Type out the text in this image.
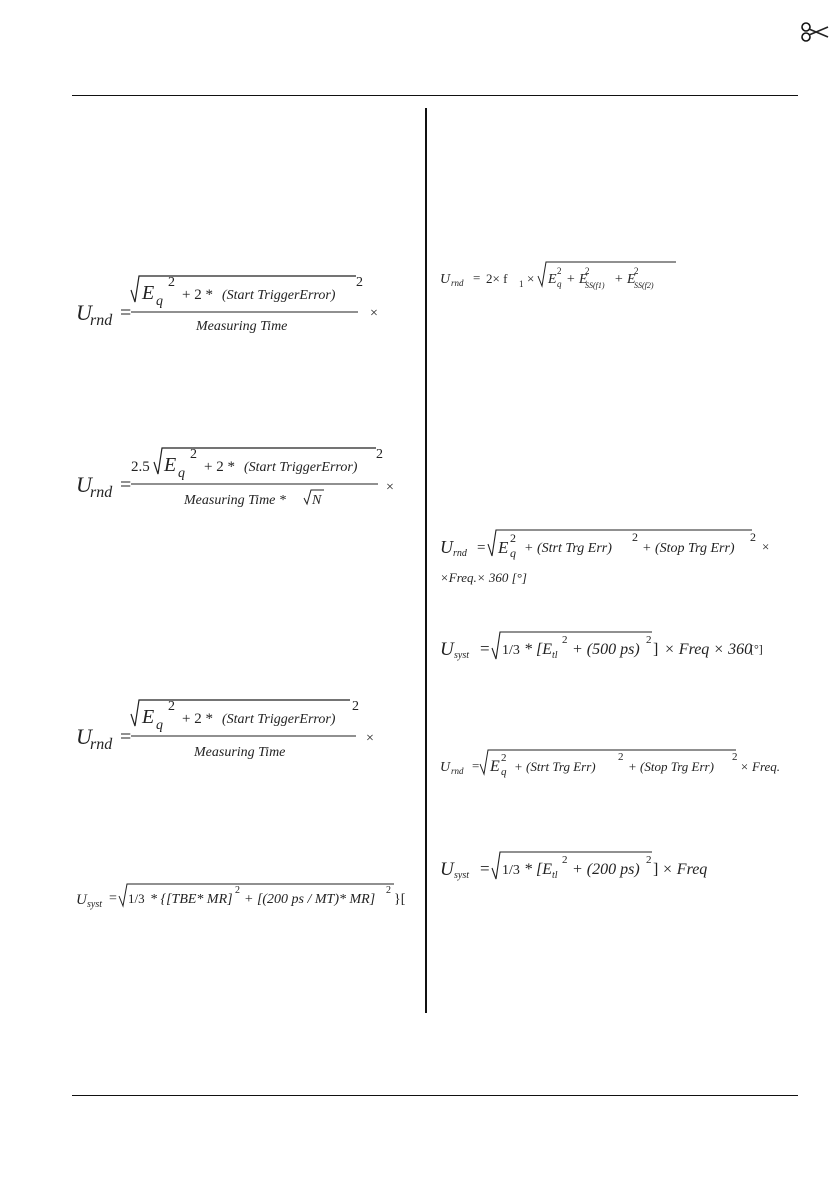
U
rnd =
E q
2
+ 2 * (Start TriggerError)
2
Measuring Time
×
U
rnd =
2.5 E q
2
+ 2 * (Start TriggerError)
2
Measuring Time * N
×
U
rnd =
E q
2
+ 2 * (Start TriggerError)
2
Measuring Time
×
U syst = 1/3 * {[TBE* MR]
2
+ [(200 ps / MT)* MR]
2
}[
U rnd = 2× f 1 × E q
2
+ E
SS(f1)
2
+ E
SS(f2)
2
U rnd = E q
2
+ (Strt Trg Err)
2
+ (Stop Trg Err)
2
×
×Freq.× 360 [°]
U syst = 1/3 * [E tl
2
+ (500 ps)
2
] × Freq × 360
[°]
U rnd = E q
2
+ (Strt Trg Err)
2
+ (Stop Trg Err)
2
× Freq.
U syst = 1/3 * [E tl
2
+ (200 ps)
2
] × Freq
